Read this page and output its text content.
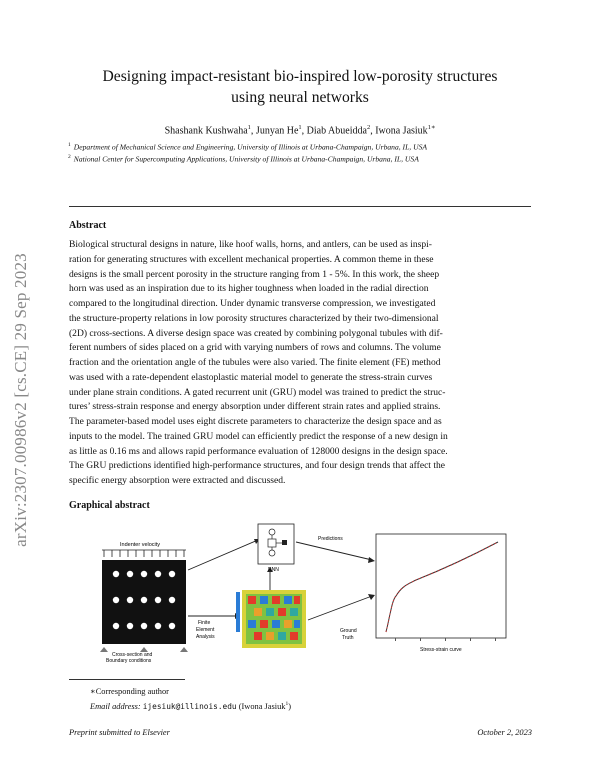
arXiv:2307.00986v2 [cs.CE] 29 Sep 2023
Designing impact-resistant bio-inspired low-porosity structures
using neural networks
Shashank Kushwaha$^1$, Junyan He$^1$, Diab Abueidda$^2$, Iwona Jasiuk$^{1∗}$
$^1$ Department of Mechanical Science and Engineering, University of Illinois at Urbana-Champaign, Urbana, IL, USA
$^2$ National Center for Supercomputing Applications, University of Illinois at Urbana-Champaign, Urbana, IL, USA
Abstract
Biological structural designs in nature, like hoof walls, horns, and antlers, can be used as inspi-
ration for generating structures with excellent mechanical properties. A common theme in these
designs is the small percent porosity in the structure ranging from 1 - 5%. In this work, the sheep
horn was used as an inspiration due to its higher toughness when loaded in the radial direction
compared to the longitudinal direction. Under dynamic transverse compression, we investigated
the structure-property relations in low porosity structures characterized by their two-dimensional
(2D) cross-sections. A diverse design space was created by combining polygonal tubules with dif-
ferent numbers of sides placed on a grid with varying numbers of rows and columns. The volume
fraction and the orientation angle of the tubules were also varied. The finite element (FE) method
was used with a rate-dependent elastoplastic material model to generate the stress-strain curves
under plane strain conditions. A gated recurrent unit (GRU) model was trained to predict the struc-
tures’ stress-strain response and energy absorption under different strain rates and applied strains.
The parameter-based model uses eight discrete parameters to characterize the design space and as
inputs to the model. The trained GRU model can efficiently predict the response of a new design in
as little as 0.16 ms and allows rapid performance evaluation of 128000 designs in the design space.
The GRU predictions identified high-performance structures, and four design trends that affect the
specific energy absorption were extracted and discussed.
Graphical abstract
Indenter velocity
Cross-section and
Boundary conditions
RNN
Finite
Element
Analysis
Predictions
Ground
Truth
Stress-strain curve
∗Corresponding author
Email address: ijesiuk@illinois.edu (Iwona Jasiuk$^1$)
Preprint submitted to Elsevier	October 2, 2023
